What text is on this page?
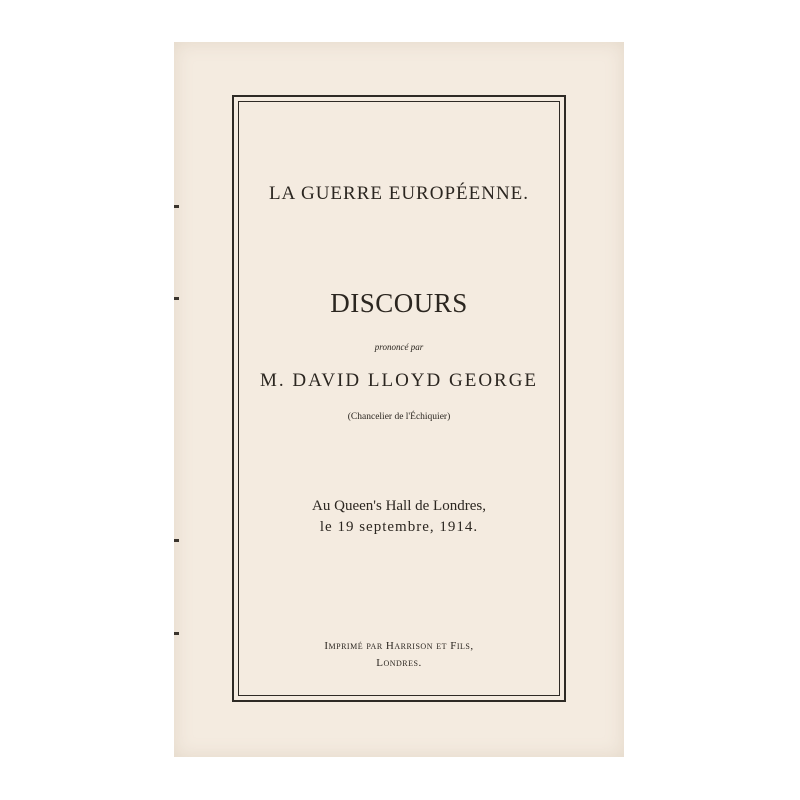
LA GUERRE EUROPÉENNE.
DISCOURS
prononcé par
M. DAVID LLOYD GEORGE
(Chancelier de l'Échiquier)
Au Queen's Hall de Londres,
le 19 septembre, 1914.
Imprimé par Harrison et Fils,
Londres.
